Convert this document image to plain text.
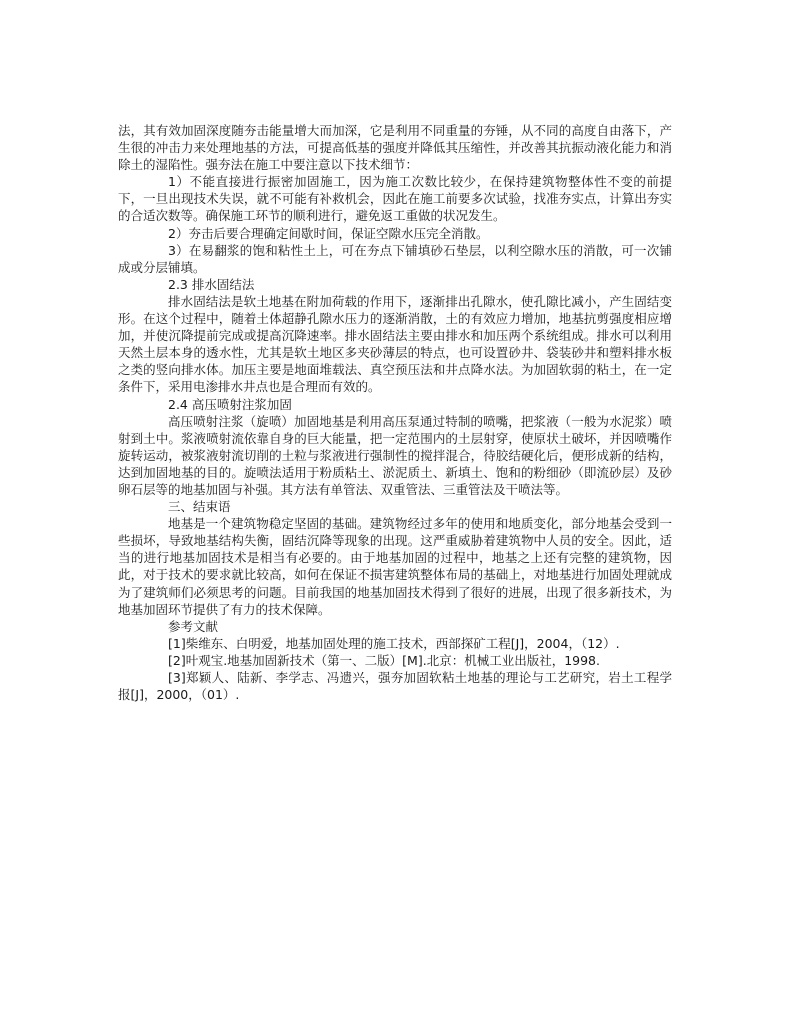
法，其有效加固深度随夯击能量增大而加深，它是利用不同重量的夯锤，从不同的高度自由落下，产生很的冲击力来处理地基的方法，可提高低基的强度并降低其压缩性，并改善其抗振动液化能力和消除土的湿陷性。强夯法在施工中要注意以下技术细节：

1）不能直接进行振密加固施工，因为施工次数比较少，在保持建筑物整体性不变的前提下，一旦出现技术失误，就不可能有补救机会，因此在施工前要多次试验，找准夯实点，计算出夯实的合适次数等。确保施工环节的顺利进行，避免返工重做的状况发生。

2）夯击后要合理确定间歇时间，保证空隙水压完全消散。

3）在易翻浆的饱和粘性土上，可在夯点下铺填砂石垫层，以利空隙水压的消散，可一次铺成或分层铺填。

2.3 排水固结法

排水固结法是软土地基在附加荷载的作用下，逐渐排出孔隙水，使孔隙比减小，产生固结变形。在这个过程中，随着土体超静孔隙水压力的逐渐消散，土的有效应力增加，地基抗剪强度相应增加，并使沉降提前完成或提高沉降速率。排水固结法主要由排水和加压两个系统组成。排水可以利用天然土层本身的透水性，尤其是软土地区多夹砂薄层的特点，也可设置砂井、袋装砂井和塑料排水板之类的竖向排水体。加压主要是地面堆载法、真空预压法和井点降水法。为加固软弱的粘土，在一定条件下，采用电渗排水井点也是合理而有效的。

2.4 高压喷射注浆加固

高压喷射注浆（旋喷）加固地基是利用高压泵通过特制的喷嘴，把浆液（一般为水泥浆）喷射到土中。浆液喷射流依靠自身的巨大能量，把一定范围内的土层射穿，使原状土破坏，并因喷嘴作旋转运动，被浆液射流切削的土粒与浆液进行强制性的搅拌混合，待胶结硬化后，便形成新的结构，达到加固地基的目的。旋喷法适用于粉质粘土、淤泥质土、新填土、饱和的粉细砂（即流砂层）及砂卵石层等的地基加固与补强。其方法有单管法、双重管法、三重管法及干喷法等。

三、结束语

地基是一个建筑物稳定坚固的基础。建筑物经过多年的使用和地质变化，部分地基会受到一些损坏，导致地基结构失衡，固结沉降等现象的出现。这严重威胁着建筑物中人员的安全。因此，适当的进行地基加固技术是相当有必要的。由于地基加固的过程中，地基之上还有完整的建筑物，因此，对于技术的要求就比较高，如何在保证不损害建筑整体布局的基础上，对地基进行加固处理就成为了建筑师们必须思考的问题。目前我国的地基加固技术得到了很好的进展，出现了很多新技术，为地基加固环节提供了有力的技术保障。

参考文献

[1]柴维东、白明爱，地基加固处理的施工技术，西部探矿工程[J]，2004，（12）.

[2]叶观宝.地基加固新技术（第一、二版）[M].北京：机械工业出版社，1998.

[3]郑颖人、陆新、李学志、冯遗兴，强夯加固软粘土地基的理论与工艺研究，岩土工程学报[J]，2000，（01）.
